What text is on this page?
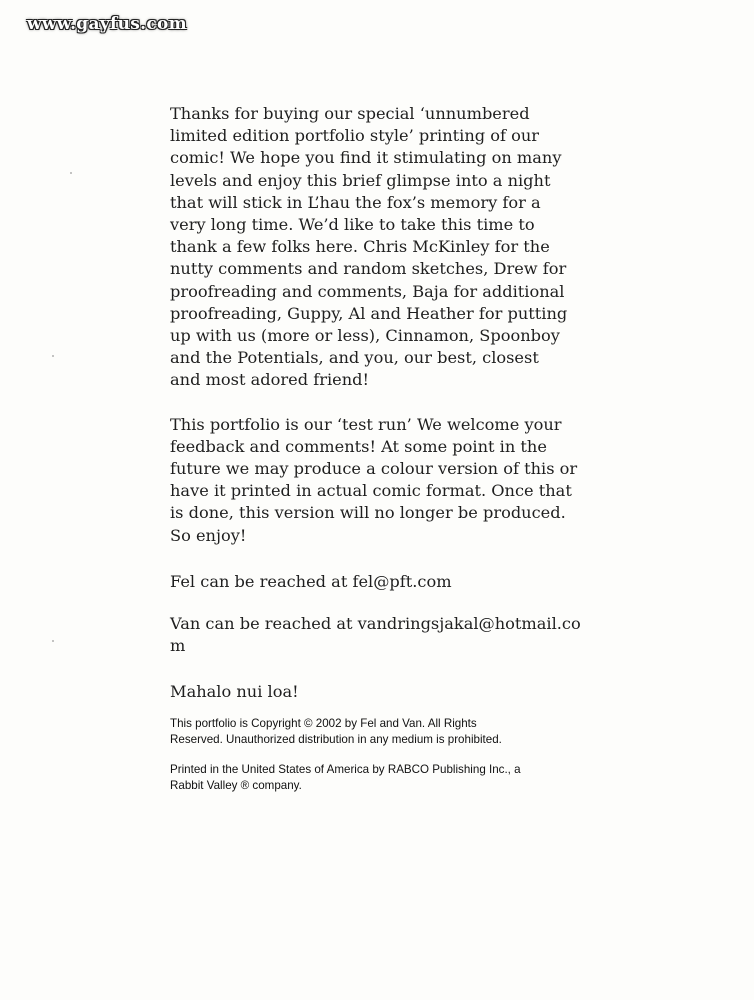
www.gayfus.com

Thanks for buying our special ‘unnumbered
limited edition portfolio style’ printing of our
comic! We hope you find it stimulating on many
levels and enjoy this brief glimpse into a night
that will stick in L’hau the fox’s memory for a
very long time. We’d like to take this time to
thank a few folks here. Chris McKinley for the
nutty comments and random sketches, Drew for
proofreading and comments, Baja for additional
proofreading, Guppy, Al and Heather for putting
up with us (more or less), Cinnamon, Spoonboy
and the Potentials, and you, our best, closest
and most adored friend!

This portfolio is our ‘test run’ We welcome your
feedback and comments! At some point in the
future we may produce a colour version of this or
have it printed in actual comic format. Once that
is done, this version will no longer be produced.
So enjoy!

Fel can be reached at fel@pft.com

Van can be reached at vandringsjakal@hotmail.co
m

Mahalo nui loa!

This portfolio is Copyright © 2002 by Fel and Van. All Rights
Reserved. Unauthorized distribution in any medium is prohibited.

Printed in the United States of America by RABCO Publishing Inc., a
Rabbit Valley ® company.
